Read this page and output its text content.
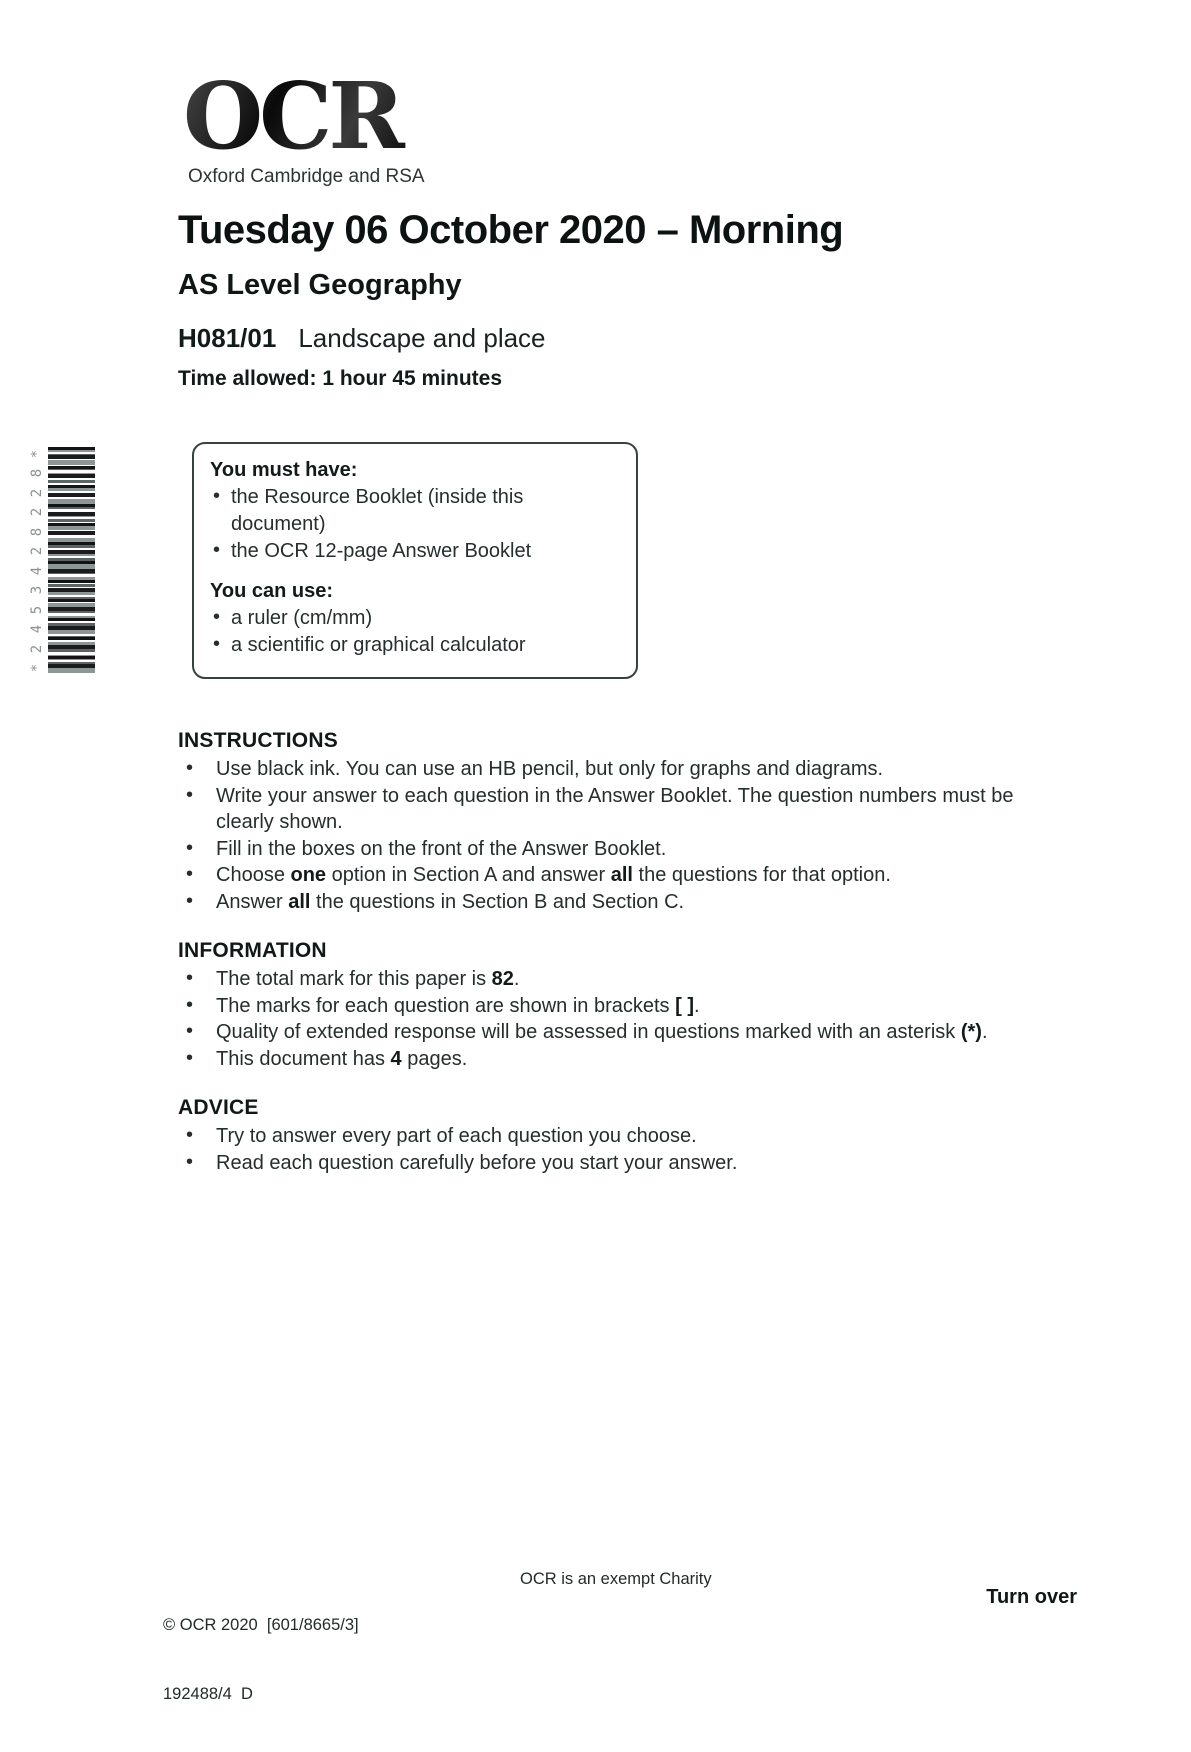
OCR
Oxford Cambridge and RSA
Tuesday 06 October 2020 – Morning
AS Level Geography
H081/01 Landscape and place
Time allowed: 1 hour 45 minutes
*
8
2
2
8
2
4
3
5
4
2
*
You must have:
• the Resource Booklet (inside this document)
• the OCR 12-page Answer Booklet
You can use:
• a ruler (cm/mm)
• a scientific or graphical calculator
INSTRUCTIONS
• Use black ink. You can use an HB pencil, but only for graphs and diagrams.
• Write your answer to each question in the Answer Booklet. The question numbers must be clearly shown.
• Fill in the boxes on the front of the Answer Booklet.
• Choose one option in Section A and answer all the questions for that option.
• Answer all the questions in Section B and Section C.
INFORMATION
• The total mark for this paper is 82.
• The marks for each question are shown in brackets [ ].
• Quality of extended response will be assessed in questions marked with an asterisk (*).
• This document has 4 pages.
ADVICE
• Try to answer every part of each question you choose.
• Read each question carefully before you start your answer.

© OCR 2020  [601/8665/3]

192488/4  D

OCR is an exempt Charity
Turn over
